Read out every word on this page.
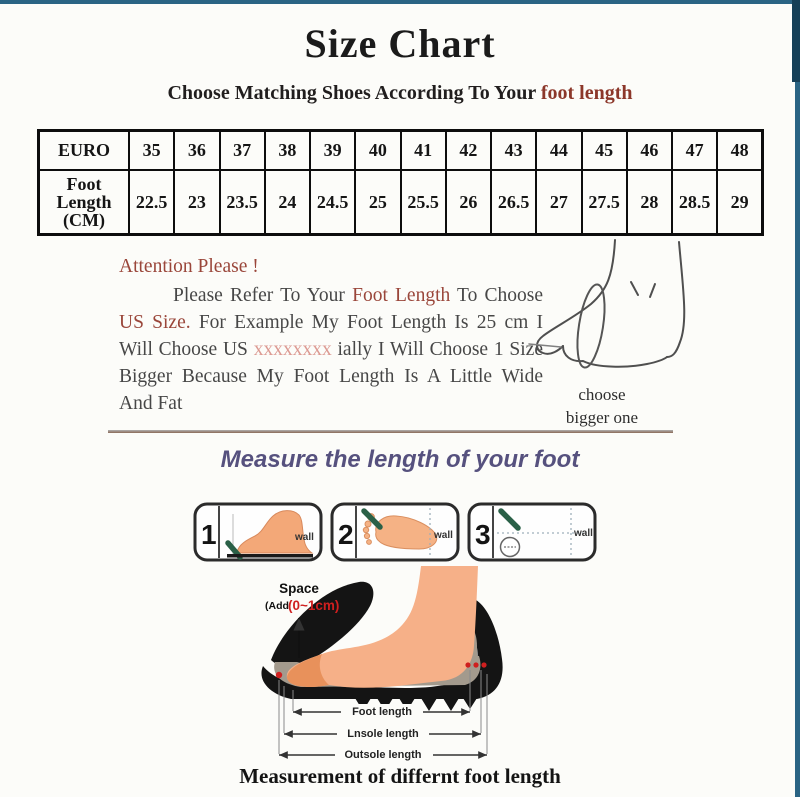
Size Chart
Choose Matching Shoes According To Your foot length
EURO	35	36	37	38	39	40	41	42	43	44	45	46	47	48
Foot Length (CM)	22.5	23	23.5	24	24.5	25	25.5	26	26.5	27	27.5	28	28.5	29
Attention Please !
Please Refer To Your Foot Length To Choose
US Size. For Example My Foot Length Is 25 cm I
Will Choose US xxxxxxxx ially I Will Choose 1 Size
Bigger Because My Foot Length Is A Little Wide
And Fat	choose
bigger one
Measure the length of your foot
1	wall 2	wall 3	wall
Space
(Add (0~1cm)
Foot length
Lnsole length
Outsole length
Measurement of differnt foot length
